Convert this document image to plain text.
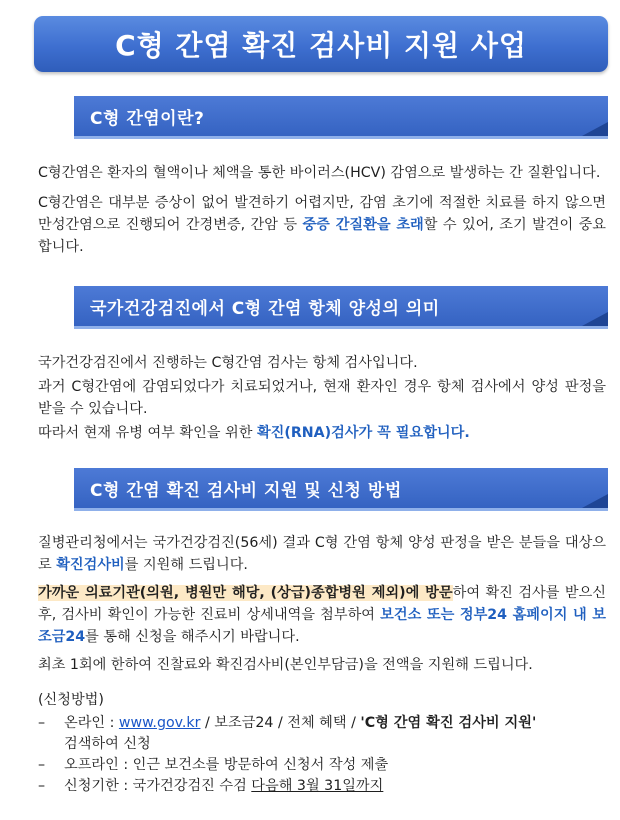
C형 간염 확진 검사비 지원 사업
C형 간염이란?

C형간염은 환자의 혈액이나 체액을 통한 바이러스(HCV) 감염으로 발생하는 간 질환입니다.

C형간염은 대부분 증상이 없어 발견하기 어렵지만, 감염 초기에 적절한 치료를 하지 않으면 만성간염으로 진행되어 간경변증, 간암 등 중증 간질환을 초래할 수 있어, 조기 발견이 중요합니다.

국가건강검진에서 C형 간염 항체 양성의 의미

국가건강검진에서 진행하는 C형간염 검사는 항체 검사입니다.

과거 C형간염에 감염되었다가 치료되었거나, 현재 환자인 경우 항체 검사에서 양성 판정을 받을 수 있습니다.

따라서 현재 유병 여부 확인을 위한 확진(RNA)검사가 꼭 필요합니다.

C형 간염 확진 검사비 지원 및 신청 방법

질병관리청에서는 국가건강검진(56세) 결과 C형 간염 항체 양성 판정을 받은 분들을 대상으로 확진검사비를 지원해 드립니다.

가까운 의료기관(의원, 병원만 해당, (상급)종합병원 제외)에 방문하여 확진 검사를 받으신 후, 검사비 확인이 가능한 진료비 상세내역을 첨부하여 보건소 또는 정부24 홈페이지 내 보조금24를 통해 신청을 해주시기 바랍니다.

최초 1회에 한하여 진찰료와 확진검사비(본인부담금)을 전액을 지원해 드립니다.

(신청방법)
–	온라인 : www.gov.kr / 보조금24 / 전체 혜택 / 'C형 간염 확진 검사비 지원'
검색하여 신청
–	오프라인 : 인근 보건소를 방문하여 신청서 작성 제출
–	신청기한 : 국가건강검진 수검 다음해 3월 31일까지
